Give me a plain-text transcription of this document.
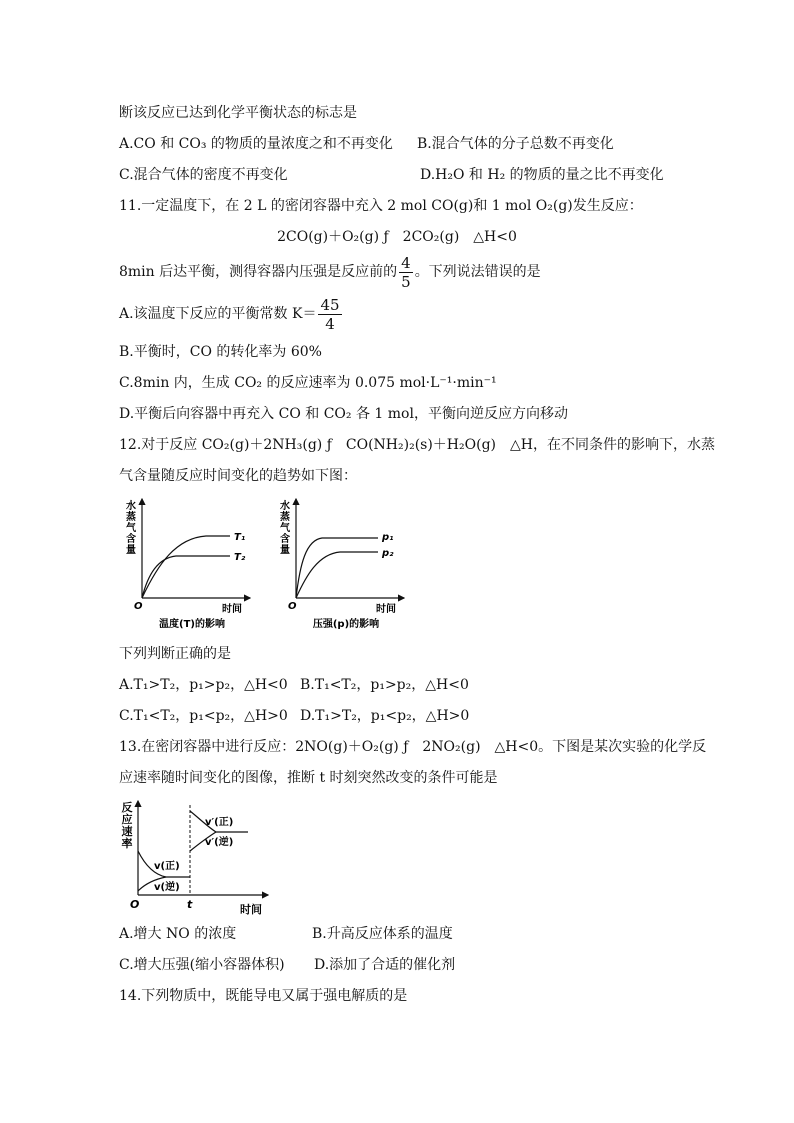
断该反应已达到化学平衡状态的标志是
A.CO 和 CO₃ 的物质的量浓度之和不再变化 B.混合气体的分子总数不再变化
C.混合气体的密度不再变化	D.H₂O 和 H₂ 的物质的量之比不再变化
11.一定温度下，在 2 L 的密闭容器中充入 2 mol CO(g)和 1 mol O₂(g)发生反应：
2CO(g)＋O₂(g) ƒ　2CO₂(g)　△H<0
8min 后达平衡，测得容器内压强是反应前的 $\frac{4}{5}$ 。下列说法错误的是
A.该温度下反应的平衡常数 $K= \frac{45}{4}$
B.平衡时，CO 的转化率为 60%
C.8min 内，生成 CO₂ 的反应速率为 0.075 mol·L⁻¹·min⁻¹
D.平衡后向容器中再充入 CO 和 CO₂ 各 1 mol，平衡向逆反应方向移动
12.对于反应 CO₂(g)＋2NH₃(g) ƒ　CO(NH₂)₂(s)＋H₂O(g)　△H，在不同条件的影响下，水蒸
气含量随反应时间变化的趋势如下图：
水蒸气含量
O	时间
T₁
T₂
温度(T)的影响
水蒸气含量
O	时间
p₁
p₂
压强(p)的影响
下列判断正确的是
A.T₁>T₂，p₁>p₂，△H<0 B.T₁<T₂，p₁>p₂，△H<0
C.T₁<T₂，p₁<p₂，△H>0 D.T₁>T₂，p₁<p₂，△H>0
13.在密闭容器中进行反应：2NO(g)＋O₂(g) ƒ　2NO₂(g)　△H<0。下图是某次实验的化学反
应速率随时间变化的图像，推断 t 时刻突然改变的条件可能是
反应速率
O	t	时间
v(正)
v(逆)
v′(正)
v′(逆)
A.增大 NO 的浓度	B.升高反应体系的温度
C.增大压强(缩小容器体积) D.添加了合适的催化剂
14.下列物质中，既能导电又属于强电解质的是
